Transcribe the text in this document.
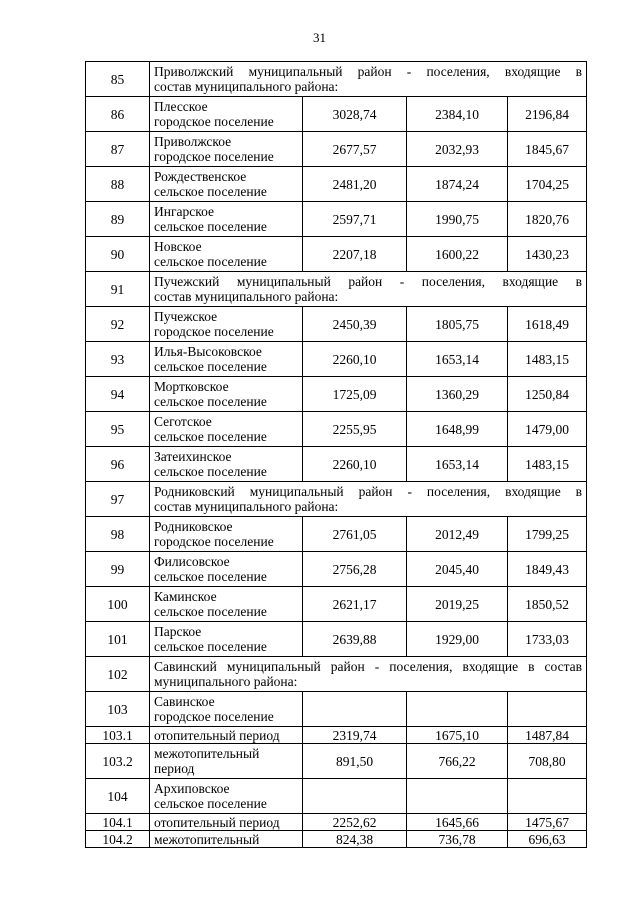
31
85	Приволжский муниципальный район - поселения, входящие в
состав муниципального района:			

86	Плесское
городское поселение	3028,74	2384,10	2196,84
87	Приволжское
городское поселение	2677,57	2032,93	1845,67
88	Рождественское
сельское поселение	2481,20	1874,24	1704,25
89	Ингарское
сельское поселение	2597,71	1990,75	1820,76
90	Новское
сельское поселение	2207,18	1600,22	1430,23
91	Пучежский муниципальный район - поселения, входящие в
состав муниципального района:			

92	Пучежское
городское поселение	2450,39	1805,75	1618,49
93	Илья-Высоковское
сельское поселение	2260,10	1653,14	1483,15
94	Мортковское
сельское поселение	1725,09	1360,29	1250,84
95	Сеготское
сельское поселение	2255,95	1648,99	1479,00
96	Затеихинское
сельское поселение	2260,10	1653,14	1483,15
97	Родниковский муниципальный район - поселения, входящие в
состав муниципального района:			

98	Родниковское
городское поселение	2761,05	2012,49	1799,25
99	Филисовское
сельское поселение	2756,28	2045,40	1849,43
100	Каминское
сельское поселение	2621,17	2019,25	1850,52
101	Парское
сельское поселение	2639,88	1929,00	1733,03
102	Савинский муниципальный район - поселения, входящие в состав
муниципального района:			

103	Савинское
городское поселение			

103.1	отопительный период	2319,74	1675,10	1487,84
103.2	межотопительный
период	891,50	766,22	708,80
104	Архиповское
сельское поселение			

104.1	отопительный период	2252,62	1645,66	1475,67
104.2	межотопительный	824,38	736,78	696,63
